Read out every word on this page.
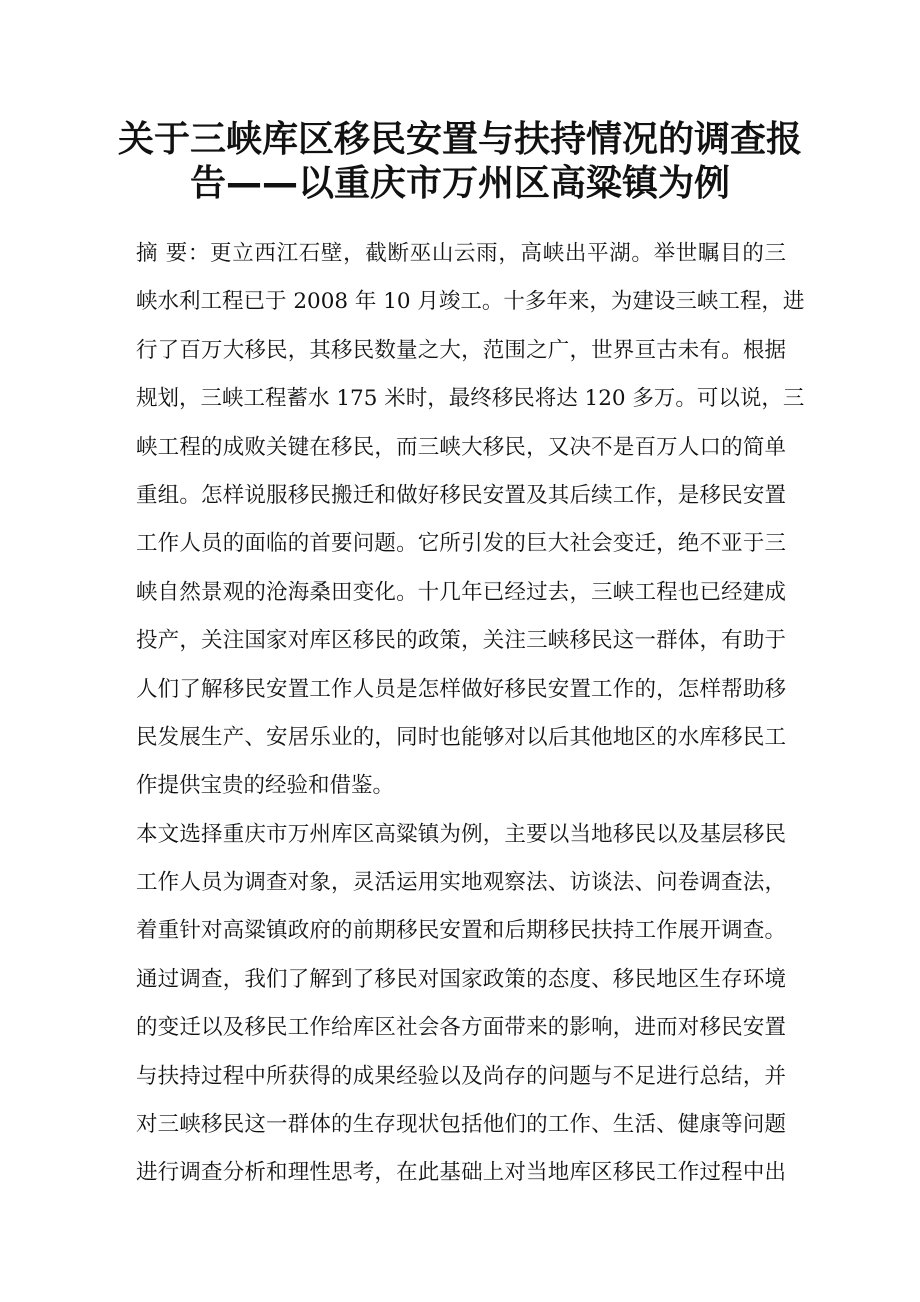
关于三峡库区移民安置与扶持情况的调查报
告——以重庆市万州区高粱镇为例
摘 要：更立西江石壁，截断巫山云雨，高峡出平湖。举世瞩目的三
峡水利工程已于 2008 年 10 月竣工。十多年来，为建设三峡工程，进
行了百万大移民，其移民数量之大，范围之广，世界亘古未有。根据
规划，三峡工程蓄水 175 米时，最终移民将达 120 多万。可以说，三
峡工程的成败关键在移民，而三峡大移民，又决不是百万人口的简单
重组。怎样说服移民搬迁和做好移民安置及其后续工作，是移民安置
工作人员的面临的首要问题。它所引发的巨大社会变迁，绝不亚于三
峡自然景观的沧海桑田变化。十几年已经过去，三峡工程也已经建成
投产，关注国家对库区移民的政策，关注三峡移民这一群体，有助于
人们了解移民安置工作人员是怎样做好移民安置工作的，怎样帮助移
民发展生产、安居乐业的，同时也能够对以后其他地区的水库移民工
作提供宝贵的经验和借鉴。
本文选择重庆市万州库区高粱镇为例，主要以当地移民以及基层移民
工作人员为调查对象，灵活运用实地观察法、访谈法、问卷调查法，
着重针对高粱镇政府的前期移民安置和后期移民扶持工作展开调查。
通过调查，我们了解到了移民对国家政策的态度、移民地区生存环境
的变迁以及移民工作给库区社会各方面带来的影响，进而对移民安置
与扶持过程中所获得的成果经验以及尚存的问题与不足进行总结，并
对三峡移民这一群体的生存现状包括他们的工作、生活、健康等问题
进行调查分析和理性思考，在此基础上对当地库区移民工作过程中出
